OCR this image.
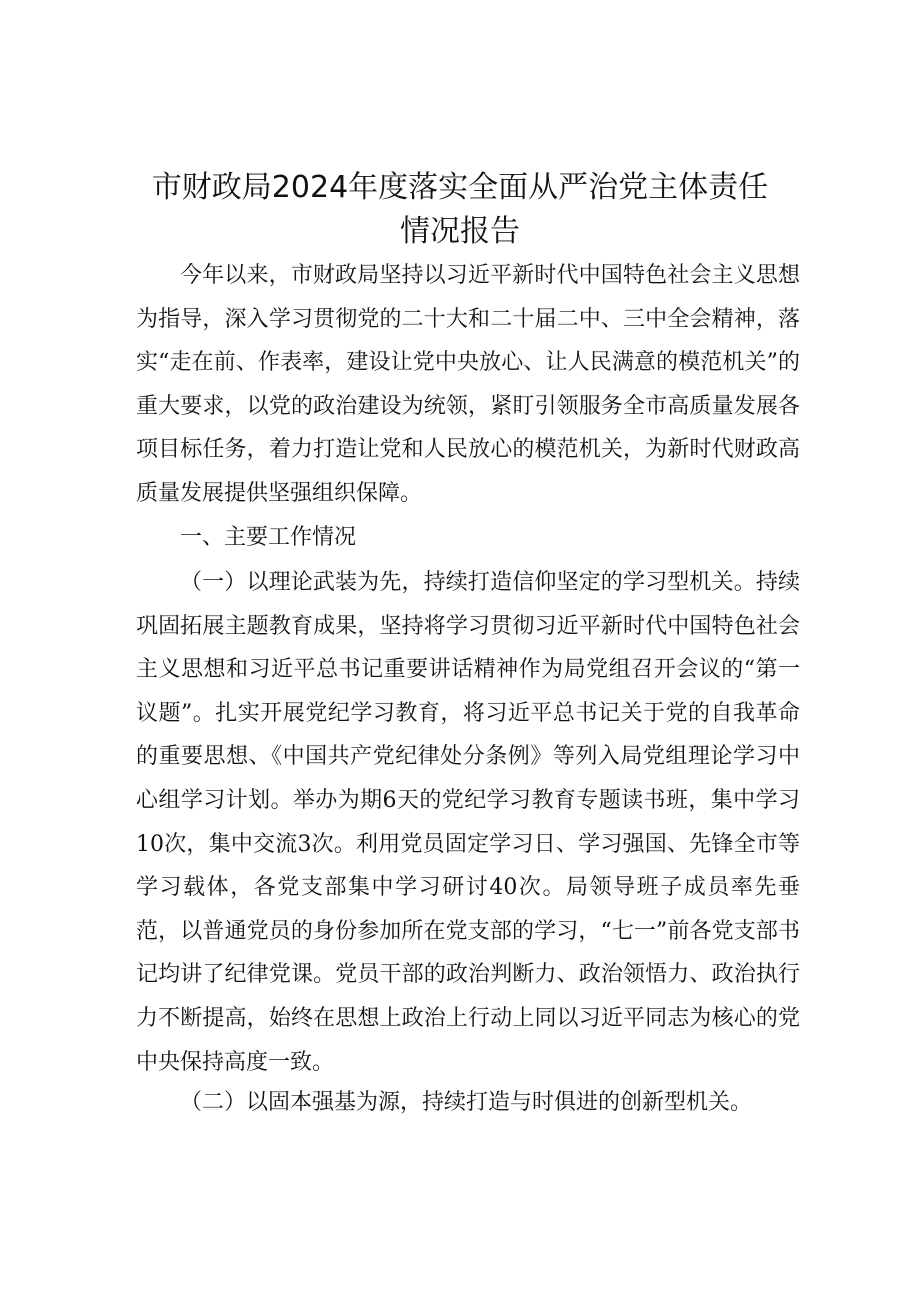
市财政局2024年度落实全面从严治党主体责任
情况报告

今年以来，市财政局坚持以习近平新时代中国特色社会主义思想为指导，深入学习贯彻党的二十大和二十届二中、三中全会精神，落实“走在前、作表率，建设让党中央放心、让人民满意的模范机关”的重大要求，以党的政治建设为统领，紧盯引领服务全市高质量发展各项目标任务，着力打造让党和人民放心的模范机关，为新时代财政高质量发展提供坚强组织保障。

一、主要工作情况

（一）以理论武装为先，持续打造信仰坚定的学习型机关。持续巩固拓展主题教育成果，坚持将学习贯彻习近平新时代中国特色社会主义思想和习近平总书记重要讲话精神作为局党组召开会议的“第一议题”。扎实开展党纪学习教育，将习近平总书记关于党的自我革命的重要思想、《中国共产党纪律处分条例》等列入局党组理论学习中心组学习计划。举办为期6天的党纪学习教育专题读书班，集中学习10次，集中交流3次。利用党员固定学习日、学习强国、先锋全市等学习载体，各党支部集中学习研讨40次。局领导班子成员率先垂范，以普通党员的身份参加所在党支部的学习，“七一”前各党支部书记均讲了纪律党课。党员干部的政治判断力、政治领悟力、政治执行力不断提高，始终在思想上政治上行动上同以习近平同志为核心的党中央保持高度一致。

（二）以固本强基为源，持续打造与时俱进的创新型机关。
